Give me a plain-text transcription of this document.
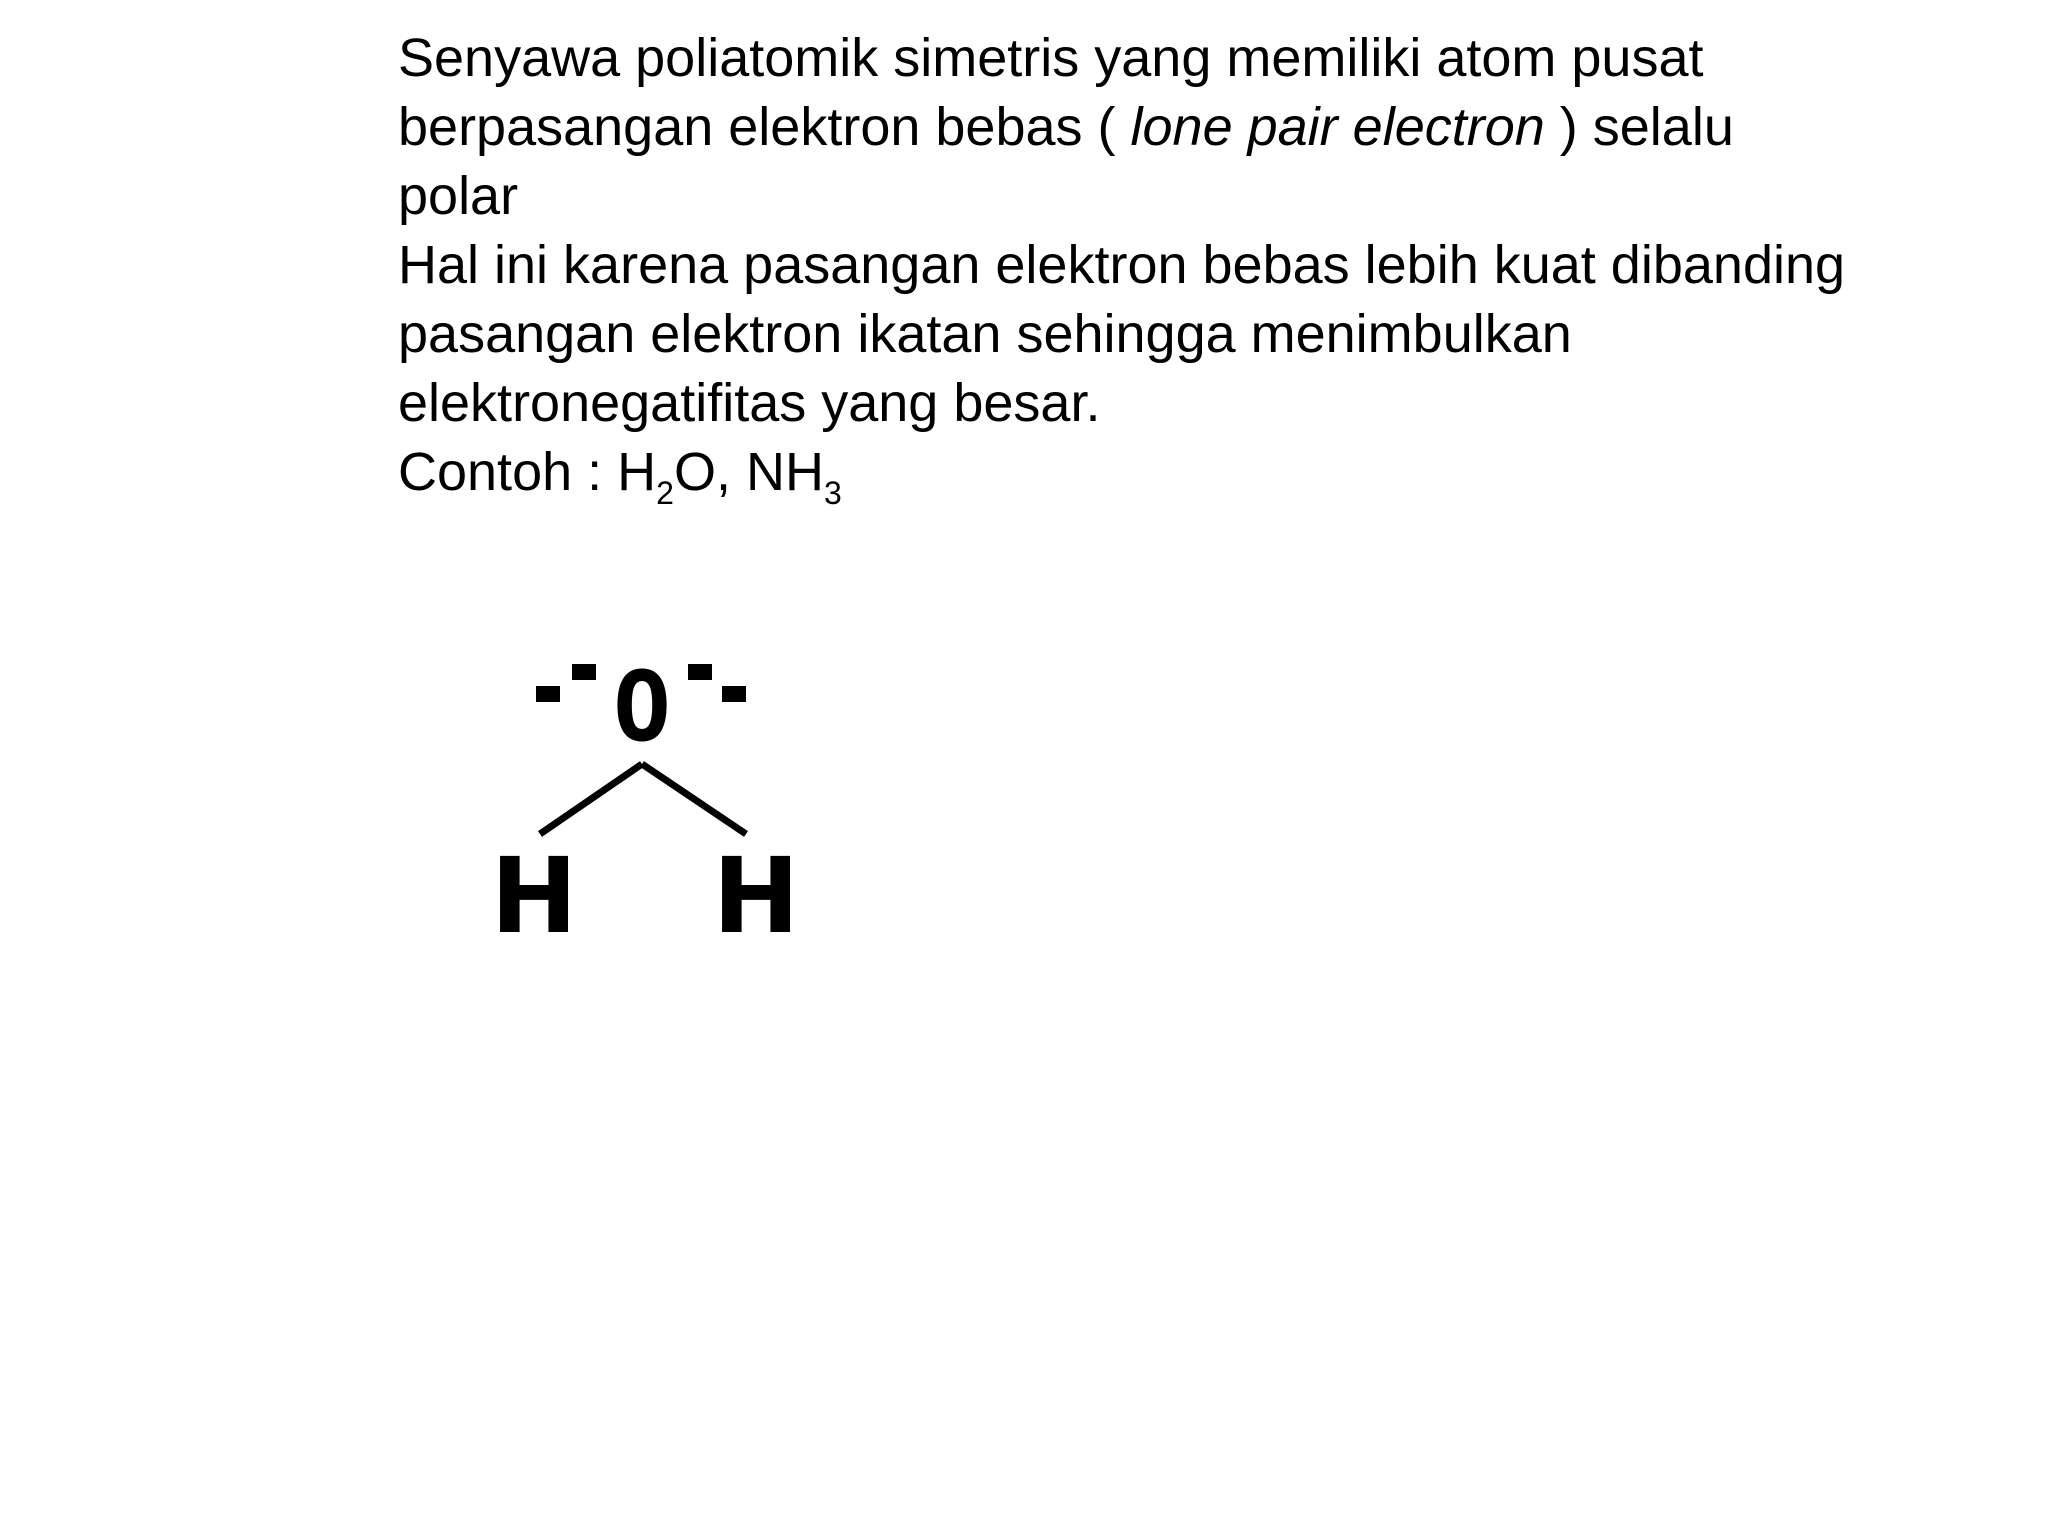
Senyawa poliatomik simetris yang memiliki atom pusat
berpasangan elektron bebas ( lone pair electron ) selalu
polar
Hal ini karena pasangan elektron bebas lebih kuat dibanding
pasangan elektron ikatan sehingga menimbulkan
elektronegatifitas yang besar.
Contoh : $H_2O$, $NH_3$
O
H H
